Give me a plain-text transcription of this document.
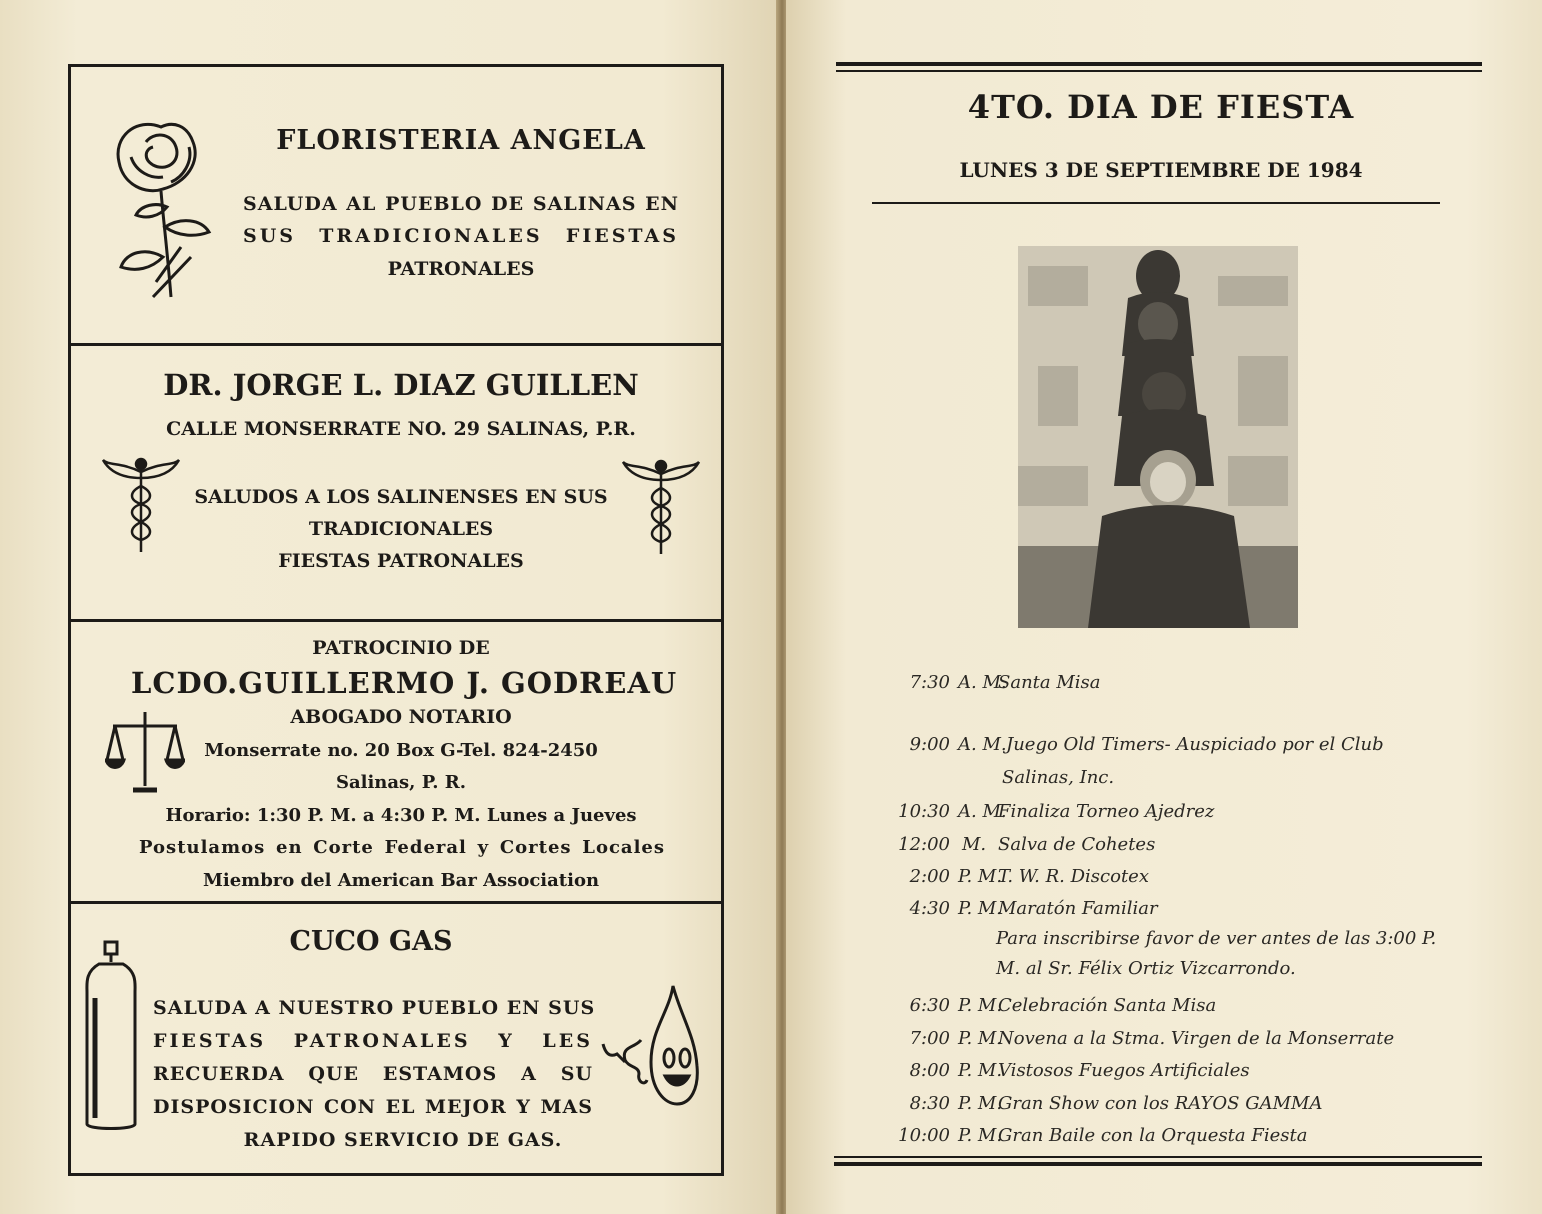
FLORISTERIA ANGELA
SALUDA AL PUEBLO DE SALINAS EN
SUS TRADICIONALES FIESTAS
PATRONALES
DR. JORGE L. DIAZ GUILLEN
CALLE MONSERRATE NO. 29 SALINAS, P.R.
SALUDOS A LOS SALINENSES EN SUS
TRADICIONALES
FIESTAS PATRONALES
PATROCINIO DE
LCDO.GUILLERMO J. GODREAU
ABOGADO NOTARIO
Monserrate no. 20 Box G-Tel. 824-2450
Salinas, P. R.
Horario: 1:30 P. M. a 4:30 P. M. Lunes a Jueves
Postulamos en Corte Federal y Cortes Locales
Miembro del American Bar Association
CUCO GAS
SALUDA A NUESTRO PUEBLO EN SUS
FIESTAS PATRONALES Y LES
RECUERDA QUE ESTAMOS A SU
DISPOSICION CON EL MEJOR Y MAS
RAPIDO SERVICIO DE GAS.
4TO. DIA DE FIESTA
LUNES 3 DE SEPTIEMBRE DE 1984
7:30 A. M.
Santa Misa
9:00 A. M. Juego Old Timers- Auspiciado por el Club
Salinas, Inc.
10:30 A. M.
Finaliza Torneo Ajedrez
12:00 M. Salva de Cohetes
2:00 P. M.
T. W. R. Discotex
4:30 P. M.
Maratón Familiar
Para inscribirse favor de ver antes de las 3:00 P.
M. al Sr. Félix Ortiz Vizcarrondo.
6:30 P. M.
Celebración Santa Misa
7:00 P. M.
Novena a la Stma. Virgen de la Monserrate
8:00 P. M.
Vistosos Fuegos Artificiales
8:30 P. M.
Gran Show con los RAYOS GAMMA
10:00 P. M.
Gran Baile con la Orquesta Fiesta
